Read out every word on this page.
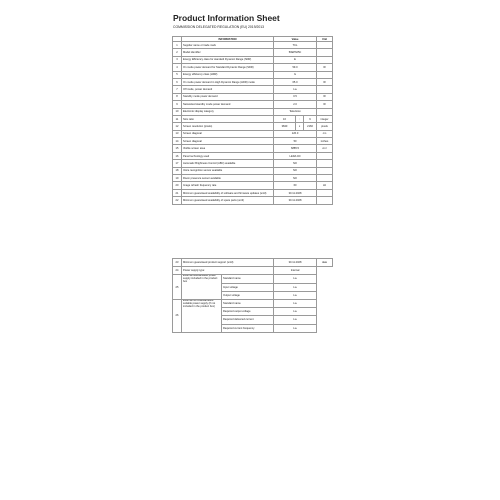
Product Information Sheet
COMMISSION DELEGATED REGULATION (EU) 2019/2013
	INFORMATION	Value			Unit
1	Supplier name or trade mark	TCL			
2	Model identifier	50EP625C			
3	Energy Efficiency class for standard Dynamic Range (SDR)	E			
4	On mode power demand for Standard Dynamic Range (SDR)	59.0			W
5	Energy efficiency class (HDR)	G			
6	On mode power demand in High Dynamic Range (HDR) mode	65.0			W
7	Off mode, power demand	n.a.			
8	Standby mode power demand	0.5			W
9	Networked standby mode power demand	2.0			W
10	Electronic display category	Television			
11	Size ratio	16	:	9	integer
12	Screen resolution (pixels)	3840	x	2160	pixels
13	Screen diagonal	126.0			cm
14	Screen diagonal	50			inches
15	Visible screen area	6885.5			cm²
16	Panel technology used	LED/LCD			
17	Automatic Brightness Control (ABC) available	NO			
18	Voice recognition sensor available	NO			
19	Room presence sensor available	NO			
20	Image refresh frequency rate	60			Hz
21	Minimum guaranteed availability of software and firmware updates (until)	30.11.2028			
22	Minimum guaranteed availability of spare parts (until)	30.11.2028			
23	Minimum guaranteed product support (until)		30.11.2028	date
24	Power supply type:		Internal	
25	External standardised power supply included in the product box	Standard name	n.a.	
		Input voltage	n.a.	
		Output voltage	n.a.	
26	External non-standardised suitable power supply (if not included in the product box)	Standard name	n.a.	
		Required output voltage	n.a.	
		Required delivered current	n.a.	
		Required current frequency	n.a.	
